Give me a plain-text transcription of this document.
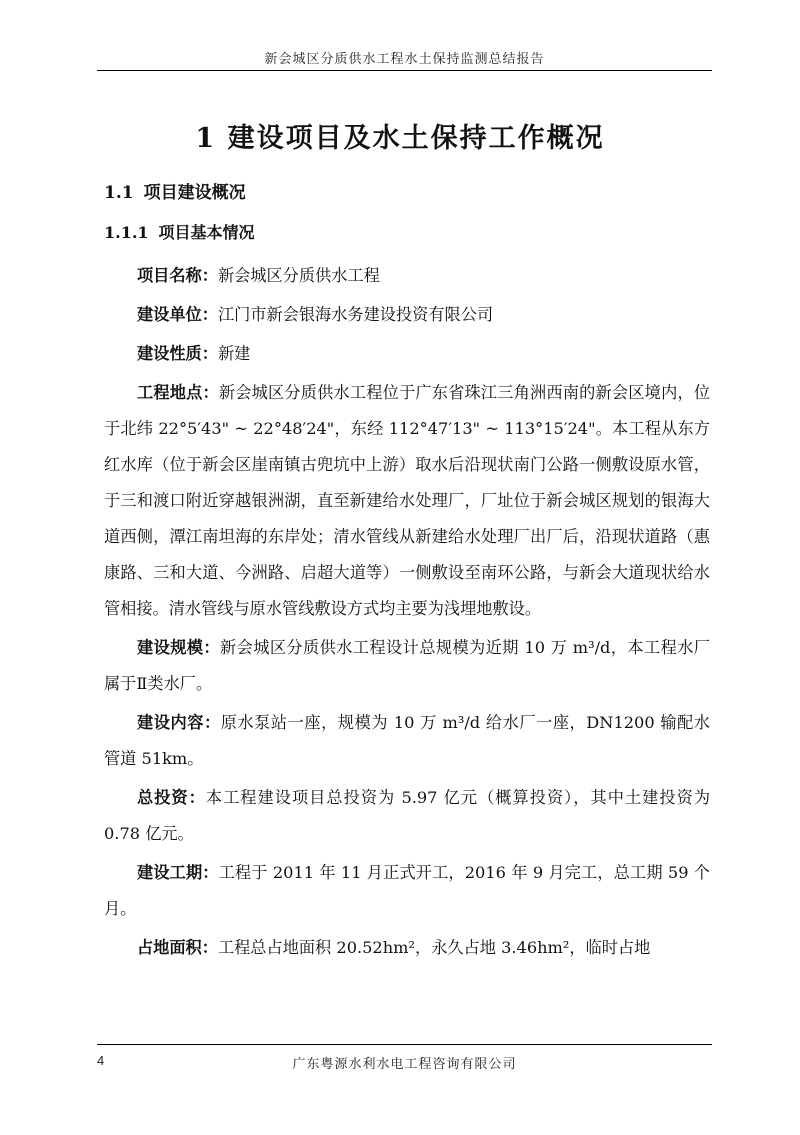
新会城区分质供水工程水土保持监测总结报告
1 建设项目及水土保持工作概况
1.1 项目建设概况
1.1.1 项目基本情况

项目名称：新会城区分质供水工程

建设单位：江门市新会银海水务建设投资有限公司

建设性质：新建

工程地点：新会城区分质供水工程位于广东省珠江三角洲西南的新会区境内，位于北纬 22°5′43" ~ 22°48′24"，东经 112°47′13" ~ 113°15′24"。本工程从东方红水库（位于新会区崖南镇古兜坑中上游）取水后沿现状南门公路一侧敷设原水管，于三和渡口附近穿越银洲湖，直至新建给水处理厂，厂址位于新会城区规划的银海大道西侧，潭江南坦海的东岸处；清水管线从新建给水处理厂出厂后，沿现状道路（惠康路、三和大道、今洲路、启超大道等）一侧敷设至南环公路，与新会大道现状给水管相接。清水管线与原水管线敷设方式均主要为浅埋地敷设。

建设规模：新会城区分质供水工程设计总规模为近期 10 万 m³/d，本工程水厂属于Ⅱ类水厂。

建设内容：原水泵站一座，规模为 10 万 m³/d 给水厂一座，DN1200 输配水管道 51km。

总投资：本工程建设项目总投资为 5.97 亿元（概算投资），其中土建投资为 0.78 亿元。

建设工期：工程于 2011 年 11 月正式开工，2016 年 9 月完工，总工期 59 个月。

占地面积：工程总占地面积 20.52hm²，永久占地 3.46hm²，临时占地

4	广东粤源水利水电工程咨询有限公司
